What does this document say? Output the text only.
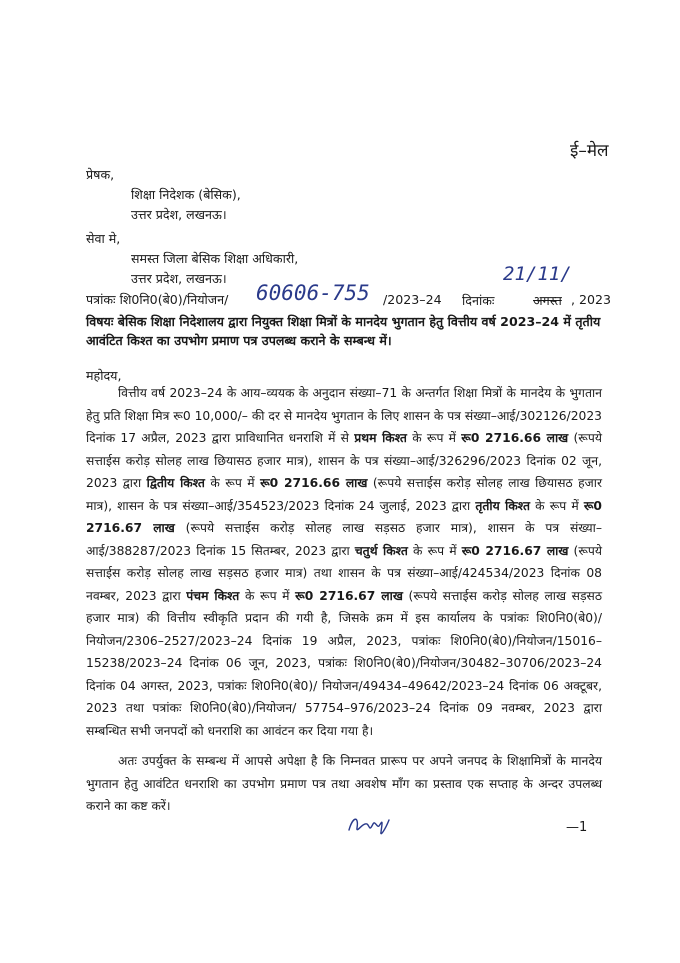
ई–मेल
प्रेषक,
शिक्षा निदेशक (बेसिक),
उत्तर प्रदेश, लखनऊ।
सेवा मे,
समस्त जिला बेसिक शिक्षा अधिकारी,
उत्तर प्रदेश, लखनऊ।
पत्रांकः शि0नि0(बे0)/नियोजन/ 60606-755 /2023–24 दिनांकः
21/11/
अगस्त , 2023
विषयः बेसिक शिक्षा निदेशालय द्वारा नियुक्त शिक्षा मित्रों के मानदेय भुगतान हेतु वित्तीय वर्ष 2023–24 में तृतीय आवंटित किश्त का उपभोग प्रमाण पत्र उपलब्ध कराने के सम्बन्ध में।
महोदय,

वित्तीय वर्ष 2023–24 के आय–व्ययक के अनुदान संख्या–71 के अन्तर्गत शिक्षा मित्रों के मानदेय के भुगतान हेतु प्रति शिक्षा मित्र रू0 10,000/– की दर से मानदेय भुगतान के लिए शासन के पत्र संख्या–आई/302126/2023 दिनांक 17 अप्रैल, 2023 द्वारा प्राविधानित धनराशि में से प्रथम किश्त के रूप में रू0 2716.66 लाख (रूपये सत्ताईस करोड़ सोलह लाख छियासठ हजार मात्र), शासन के पत्र संख्या–आई/326296/2023 दिनांक 02 जून, 2023 द्वारा द्वितीय किश्त के रूप में रू0 2716.66 लाख (रूपये सत्ताईस करोड़ सोलह लाख छियासठ हजार मात्र), शासन के पत्र संख्या–आई/354523/2023 दिनांक 24 जुलाई, 2023 द्वारा तृतीय किश्त के रूप में रू0 2716.67 लाख (रूपये सत्ताईस करोड़ सोलह लाख सड़सठ हजार मात्र), शासन के पत्र संख्या–आई/388287/2023 दिनांक 15 सितम्बर, 2023 द्वारा चतुर्थ किश्त के रूप में रू0 2716.67 लाख (रूपये सत्ताईस करोड़ सोलह लाख सड़सठ हजार मात्र) तथा शासन के पत्र संख्या–आई/424534/2023 दिनांक 08 नवम्बर, 2023 द्वारा पंचम किश्त के रूप में रू0 2716.67 लाख (रूपये सत्ताईस करोड़ सोलह लाख सड़सठ हजार मात्र) की वित्तीय स्वीकृति प्रदान की गयी है, जिसके क्रम में इस कार्यालय के पत्रांकः शि0नि0(बे0)/नियोजन/2306–2527/2023–24 दिनांक 19 अप्रैल, 2023, पत्रांकः शि0नि0(बे0)/नियोजन/15016–15238/2023–24 दिनांक 06 जून, 2023, पत्रांकः शि0नि0(बे0)/नियोजन/30482–30706/2023–24 दिनांक 04 अगस्त, 2023, पत्रांकः शि0नि0(बे0)/ नियोजन/49434–49642/2023–24 दिनांक 06 अक्टूबर, 2023 तथा पत्रांकः शि0नि0(बे0)/नियोजन/ 57754–976/2023–24 दिनांक 09 नवम्बर, 2023 द्वारा सम्बन्धित सभी जनपदों को धनराशि का आवंटन कर दिया गया है।

अतः उपर्युक्त के सम्बन्ध में आपसे अपेक्षा है कि निम्नवत प्रारूप पर अपने जनपद के शिक्षामित्रों के मानदेय भुगतान हेतु आवंटित धनराशि का उपभोग प्रमाण पत्र तथा अवशेष माँग का प्रस्ताव एक सप्ताह के अन्दर उपलब्ध कराने का कष्ट करें।

—1
